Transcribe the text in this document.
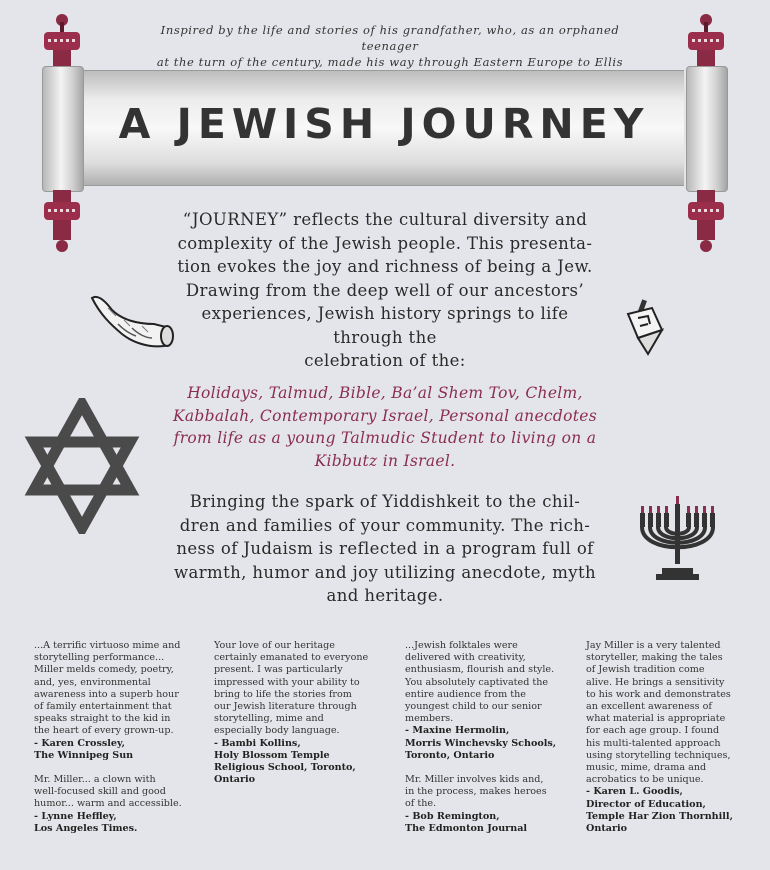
Inspired by the life and stories of his grandfather, who, as an orphaned teenager
at the turn of the century, made his way through Eastern Europe to Ellis
A JEWISH JOURNEY
“JOURNEY” reflects the cultural diversity and
complexity of the Jewish people. This presenta-
tion evokes the joy and richness of being a Jew.
Drawing from the deep well of our ancestors’
experiences, Jewish history springs to life
through the
celebration of the:
Holidays, Talmud, Bible, Ba’al Shem Tov, Chelm,
Kabbalah, Contemporary Israel, Personal anecdotes
from life as a young Talmudic Student to living on a
Kibbutz in Israel.
Bringing the spark of Yiddishkeit to the chil-
dren and families of your community. The rich-
ness of Judaism is reflected in a program full of
warmth, humor and joy utilizing anecdote, myth
and heritage.

...A terrific virtuoso mime and
storytelling performance...
Miller melds comedy, poetry,
and, yes, environmental
awareness into a superb hour
of family entertainment that
speaks straight to the kid in
the heart of every grown-up.
- Karen Crossley,
The Winnipeg Sun

Mr. Miller... a clown with
well-focused skill and good
humor... warm and accessible.
- Lynne Heffley,
Los Angeles Times.

Your love of our heritage
certainly emanated to everyone
present. I was particularly
impressed with your ability to
bring to life the stories from
our Jewish literature through
storytelling, mime and
especially body language.
- Bambi Kollins,
Holy Blossom Temple
Religious School, Toronto,
Ontario

...Jewish folktales were
delivered with creativity,
enthusiasm, flourish and style.
You absolutely captivated the
entire audience from the
youngest child to our senior
members.
- Maxine Hermolin,
Morris Winchevsky Schools,
Toronto, Ontario

Mr. Miller involves kids and,
in the process, makes heroes
of the.
- Bob Remington,
The Edmonton Journal

Jay Miller is a very talented
storyteller, making the tales
of Jewish tradition come
alive. He brings a sensitivity
to his work and demonstrates
an excellent awareness of
what material is appropriate
for each age group. I found
his multi-talented approach
using storytelling techniques,
music, mime, drama and
acrobatics to be unique.
- Karen L. Goodis,
Director of Education,
Temple Har Zion Thornhill,
Ontario
